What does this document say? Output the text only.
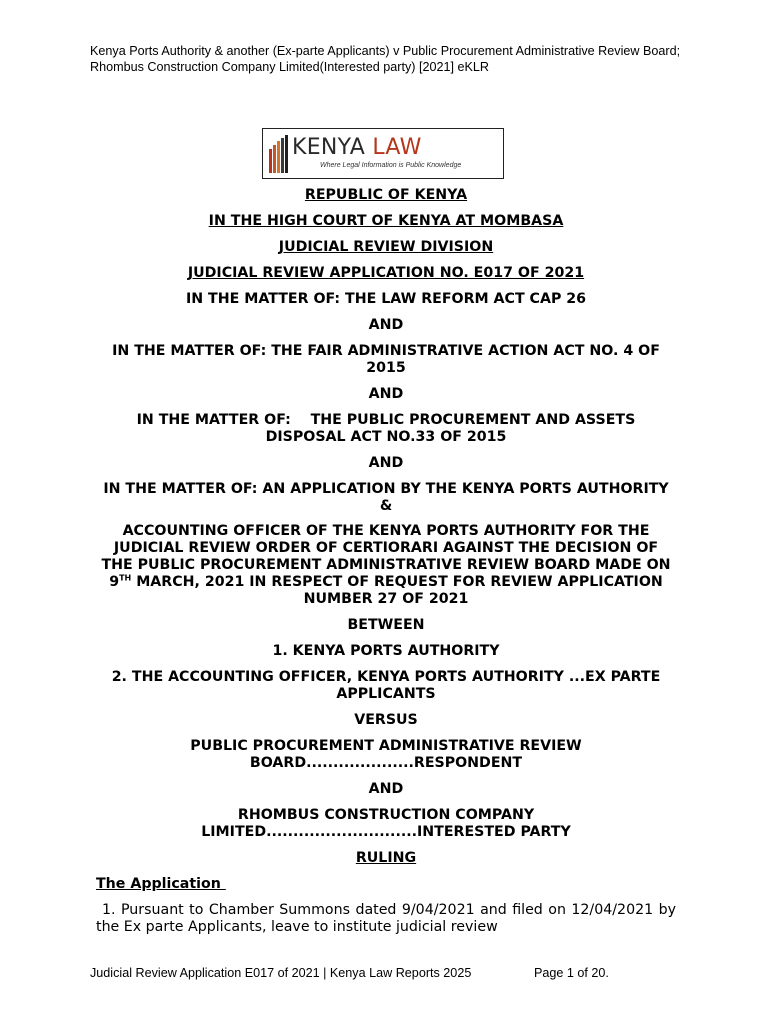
Kenya Ports Authority & another (Ex-parte Applicants) v Public Procurement Administrative Review Board; Rhombus Construction Company Limited(Interested party) [2021] eKLR
KENYA LAW
Where Legal Information is Public Knowledge

REPUBLIC OF KENYA

IN THE HIGH COURT OF KENYA AT MOMBASA

JUDICIAL REVIEW DIVISION

JUDICIAL REVIEW APPLICATION NO. E017 OF 2021

IN THE MATTER OF: THE LAW REFORM ACT CAP 26

AND

IN THE MATTER OF: THE FAIR ADMINISTRATIVE ACTION ACT NO. 4 OF 2015

AND

IN THE MATTER OF:    THE PUBLIC PROCUREMENT AND ASSETS DISPOSAL ACT NO.33 OF 2015

AND

IN THE MATTER OF: AN APPLICATION BY THE KENYA PORTS AUTHORITY &

ACCOUNTING OFFICER OF THE KENYA PORTS AUTHORITY FOR THE JUDICIAL REVIEW ORDER OF CERTIORARI AGAINST THE DECISION OF THE PUBLIC PROCUREMENT ADMINISTRATIVE REVIEW BOARD MADE ON 9TH MARCH, 2021 IN RESPECT OF REQUEST FOR REVIEW APPLICATION NUMBER 27 OF 2021

BETWEEN

1. KENYA PORTS AUTHORITY

2. THE ACCOUNTING OFFICER, KENYA PORTS AUTHORITY ...EX PARTE APPLICANTS

VERSUS

PUBLIC PROCUREMENT ADMINISTRATIVE REVIEW BOARD....................RESPONDENT

AND

RHOMBUS CONSTRUCTION COMPANY LIMITED............................INTERESTED PARTY

RULING

The Application

1. Pursuant to Chamber Summons dated 9/04/2021 and filed on 12/04/2021 by the Ex parte Applicants, leave to institute judicial review

Judicial Review Application E017 of 2021 | Kenya Law Reports 2025	Page 1 of 20.
